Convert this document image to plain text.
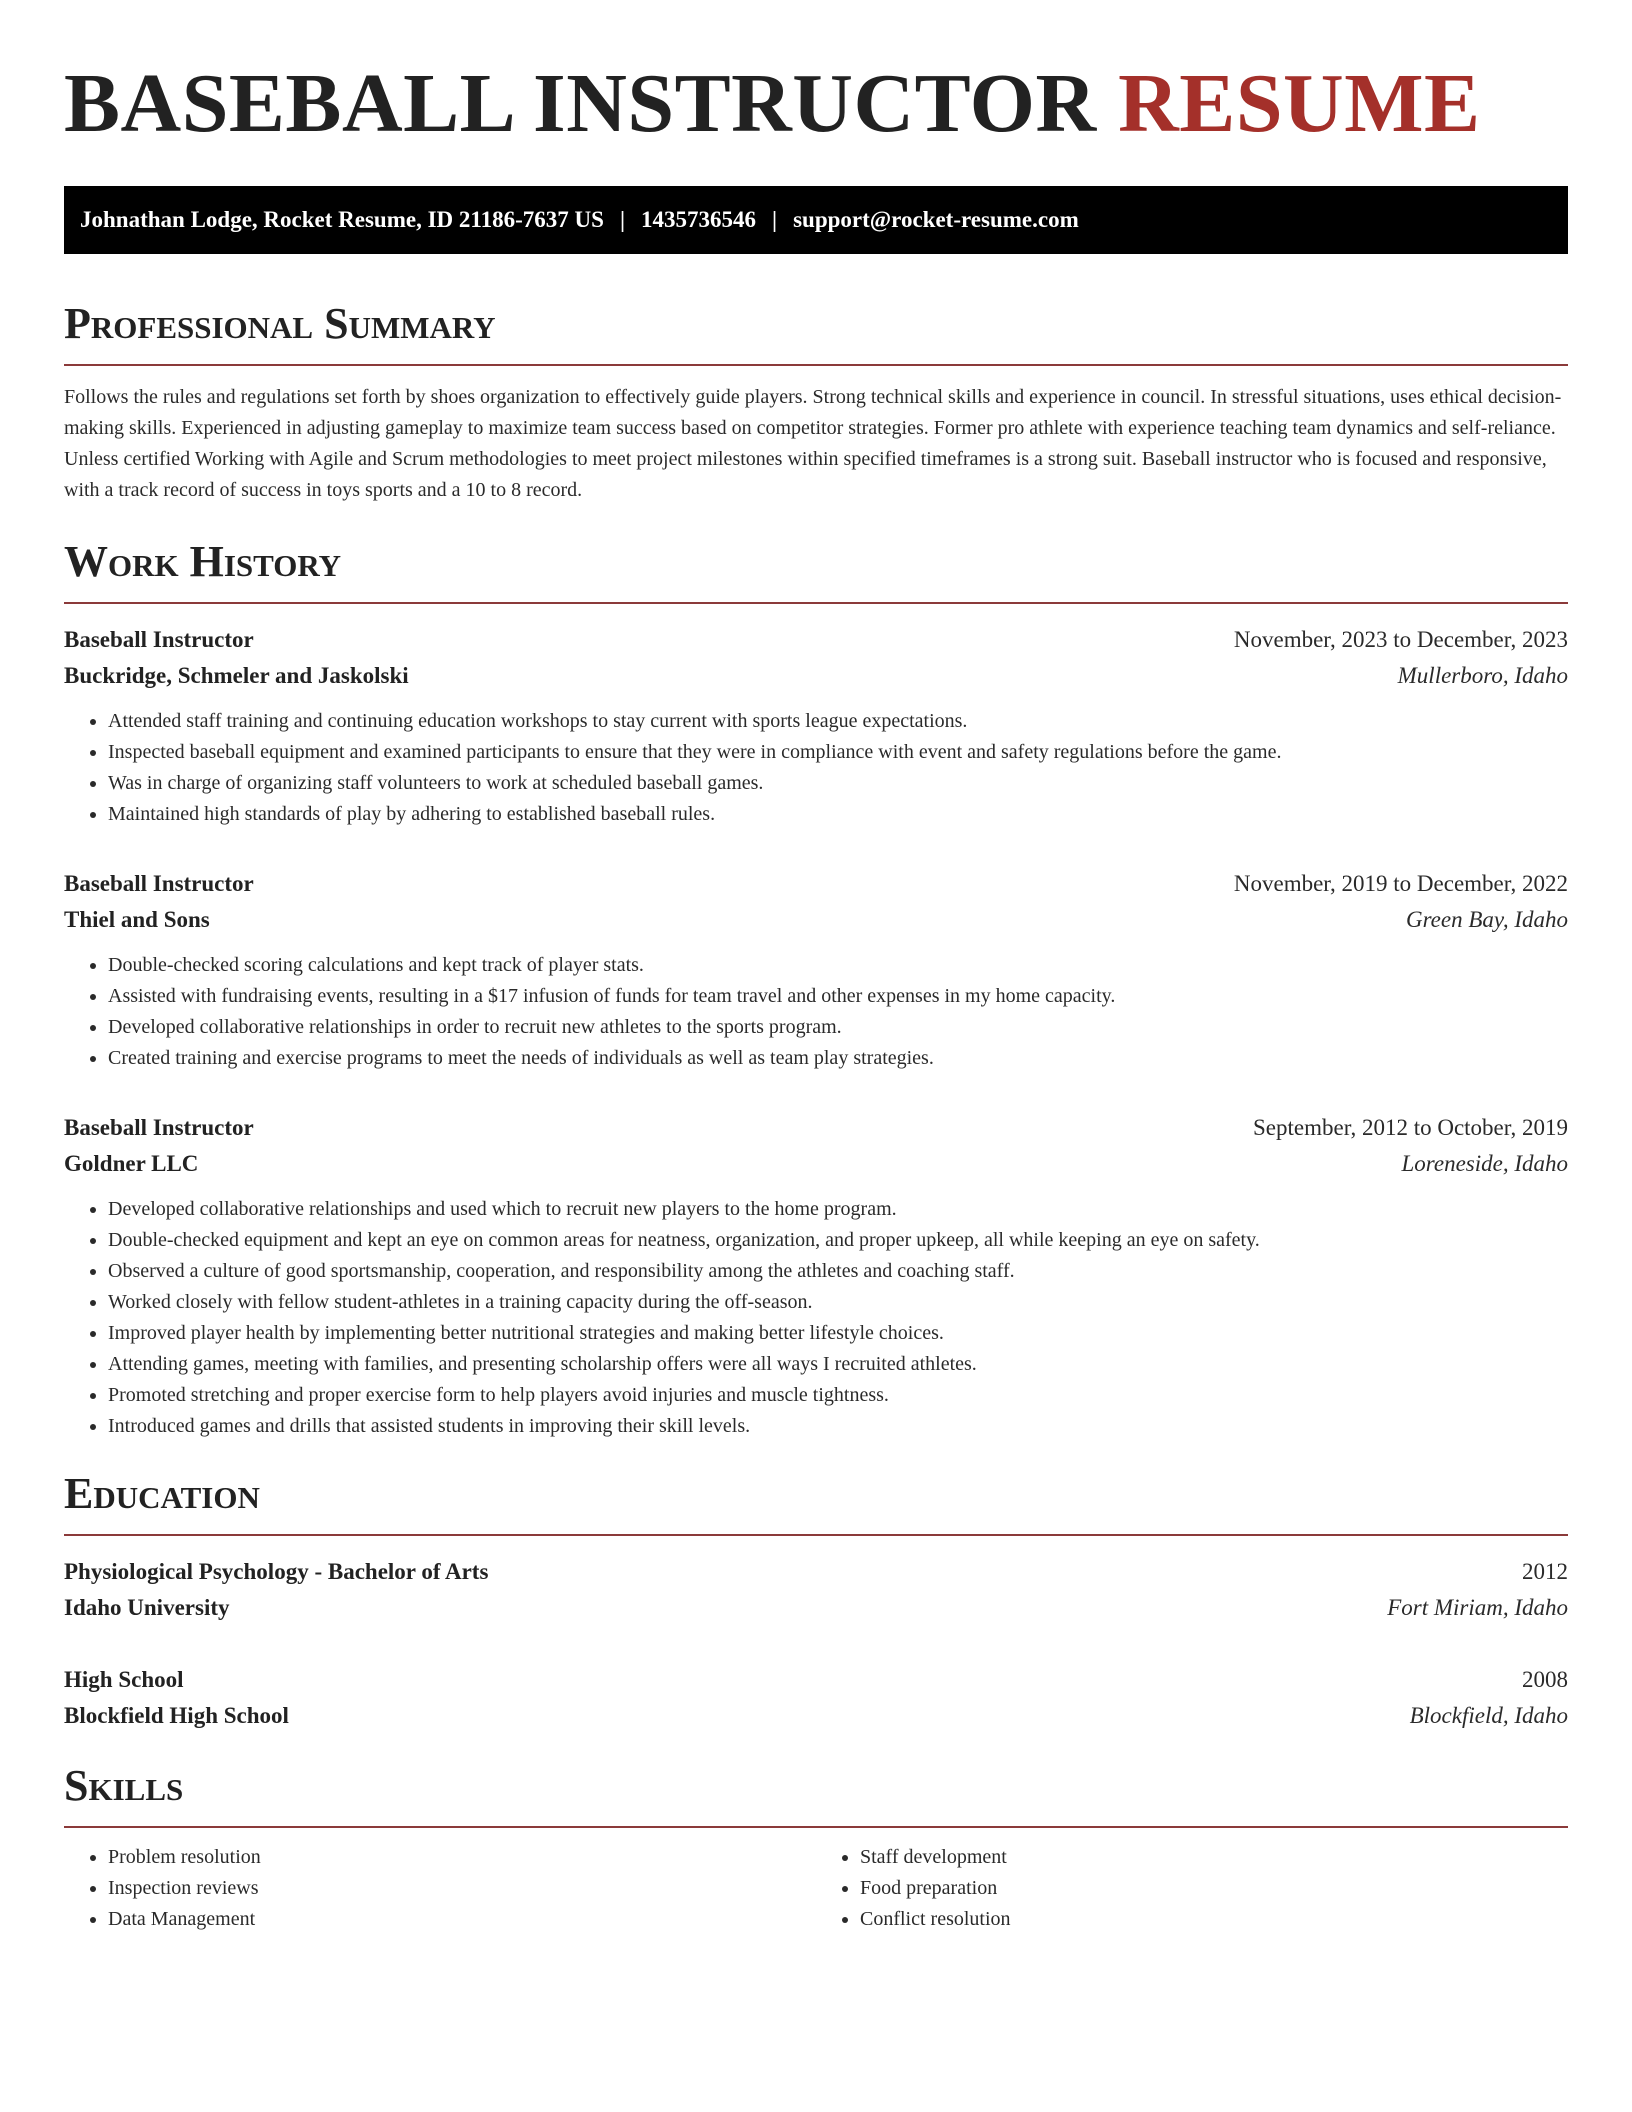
BASEBALL INSTRUCTOR RESUME
Johnathan Lodge, Rocket Resume, ID 21186-7637 US | 1435736546 | support@rocket-resume.com
Professional Summary

Follows the rules and regulations set forth by shoes organization to effectively guide players. Strong technical skills and experience in council. In stressful situations, uses ethical decision-making skills. Experienced in adjusting gameplay to maximize team success based on competitor strategies. Former pro athlete with experience teaching team dynamics and self-reliance. Unless certified Working with Agile and Scrum methodologies to meet project milestones within specified timeframes is a strong suit. Baseball instructor who is focused and responsive, with a track record of success in toys sports and a 10 to 8 record.

Work History
Baseball Instructor	November, 2023 to December, 2023
Buckridge, Schmeler and Jaskolski	Mullerboro, Idaho
• Attended staff training and continuing education workshops to stay current with sports league expectations.
• Inspected baseball equipment and examined participants to ensure that they were in compliance with event and safety regulations before the game.
• Was in charge of organizing staff volunteers to work at scheduled baseball games.
• Maintained high standards of play by adhering to established baseball rules.
Baseball Instructor	November, 2019 to December, 2022
Thiel and Sons	Green Bay, Idaho
• Double-checked scoring calculations and kept track of player stats.
• Assisted with fundraising events, resulting in a $17 infusion of funds for team travel and other expenses in my home capacity.
• Developed collaborative relationships in order to recruit new athletes to the sports program.
• Created training and exercise programs to meet the needs of individuals as well as team play strategies.
Baseball Instructor	September, 2012 to October, 2019
Goldner LLC	Loreneside, Idaho
• Developed collaborative relationships and used which to recruit new players to the home program.
• Double-checked equipment and kept an eye on common areas for neatness, organization, and proper upkeep, all while keeping an eye on safety.
• Observed a culture of good sportsmanship, cooperation, and responsibility among the athletes and coaching staff.
• Worked closely with fellow student-athletes in a training capacity during the off-season.
• Improved player health by implementing better nutritional strategies and making better lifestyle choices.
• Attending games, meeting with families, and presenting scholarship offers were all ways I recruited athletes.
• Promoted stretching and proper exercise form to help players avoid injuries and muscle tightness.
• Introduced games and drills that assisted students in improving their skill levels.
Education
Physiological Psychology - Bachelor of Arts	2012
Idaho University	Fort Miriam, Idaho
High School	2008
Blockfield High School	Blockfield, Idaho
Skills
• Problem resolution
• Inspection reviews
• Data Management
• Staff development
• Food preparation
• Conflict resolution
